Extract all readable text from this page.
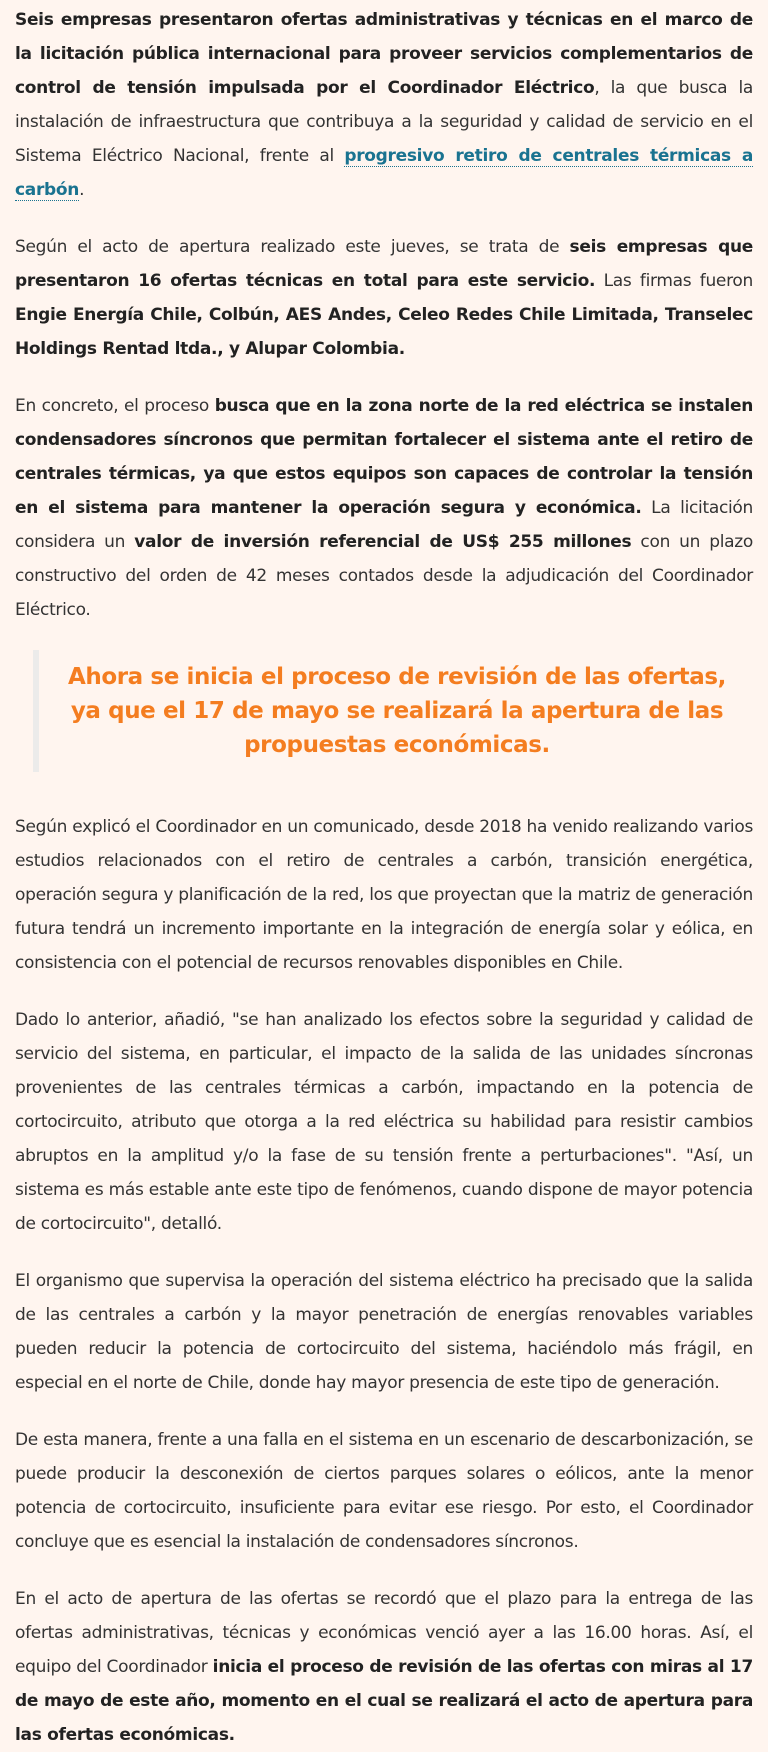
Seis empresas presentaron ofertas administrativas y técnicas en el marco de la licitación pública internacional para proveer servicios complementarios de control de tensión impulsada por el Coordinador Eléctrico, la que busca la instalación de infraestructura que contribuya a la seguridad y calidad de servicio en el Sistema Eléctrico Nacional, frente al progresivo retiro de centrales térmicas a carbón.

Según el acto de apertura realizado este jueves, se trata de seis empresas que presentaron 16 ofertas técnicas en total para este servicio. Las firmas fueron Engie Energía Chile, Colbún, AES Andes, Celeo Redes Chile Limitada, Transelec Holdings Rentad ltda., y Alupar Colombia.

En concreto, el proceso busca que en la zona norte de la red eléctrica se instalen condensadores síncronos que permitan fortalecer el sistema ante el retiro de centrales térmicas, ya que estos equipos son capaces de controlar la tensión en el sistema para mantener la operación segura y económica. La licitación considera un valor de inversión referencial de US$ 255 millones con un plazo constructivo del orden de 42 meses contados desde la adjudicación del Coordinador Eléctrico.

Ahora se inicia el proceso de revisión de las ofertas, ya que el 17 de mayo se realizará la apertura de las propuestas económicas.

Según explicó el Coordinador en un comunicado, desde 2018 ha venido realizando varios estudios relacionados con el retiro de centrales a carbón, transición energética, operación segura y planificación de la red, los que proyectan que la matriz de generación futura tendrá un incremento importante en la integración de energía solar y eólica, en consistencia con el potencial de recursos renovables disponibles en Chile.

Dado lo anterior, añadió, "se han analizado los efectos sobre la seguridad y calidad de servicio del sistema, en particular, el impacto de la salida de las unidades síncronas provenientes de las centrales térmicas a carbón, impactando en la potencia de cortocircuito, atributo que otorga a la red eléctrica su habilidad para resistir cambios abruptos en la amplitud y/o la fase de su tensión frente a perturbaciones". "Así, un sistema es más estable ante este tipo de fenómenos, cuando dispone de mayor potencia de cortocircuito", detalló.

El organismo que supervisa la operación del sistema eléctrico ha precisado que la salida de las centrales a carbón y la mayor penetración de energías renovables variables pueden reducir la potencia de cortocircuito del sistema, haciéndolo más frágil, en especial en el norte de Chile, donde hay mayor presencia de este tipo de generación.

De esta manera, frente a una falla en el sistema en un escenario de descarbonización, se puede producir la desconexión de ciertos parques solares o eólicos, ante la menor potencia de cortocircuito, insuficiente para evitar ese riesgo. Por esto, el Coordinador concluye que es esencial la instalación de condensadores síncronos.

En el acto de apertura de las ofertas se recordó que el plazo para la entrega de las ofertas administrativas, técnicas y económicas venció ayer a las 16.00 horas. Así, el equipo del Coordinador inicia el proceso de revisión de las ofertas con miras al 17 de mayo de este año, momento en el cual se realizará el acto de apertura para las ofertas económicas.
